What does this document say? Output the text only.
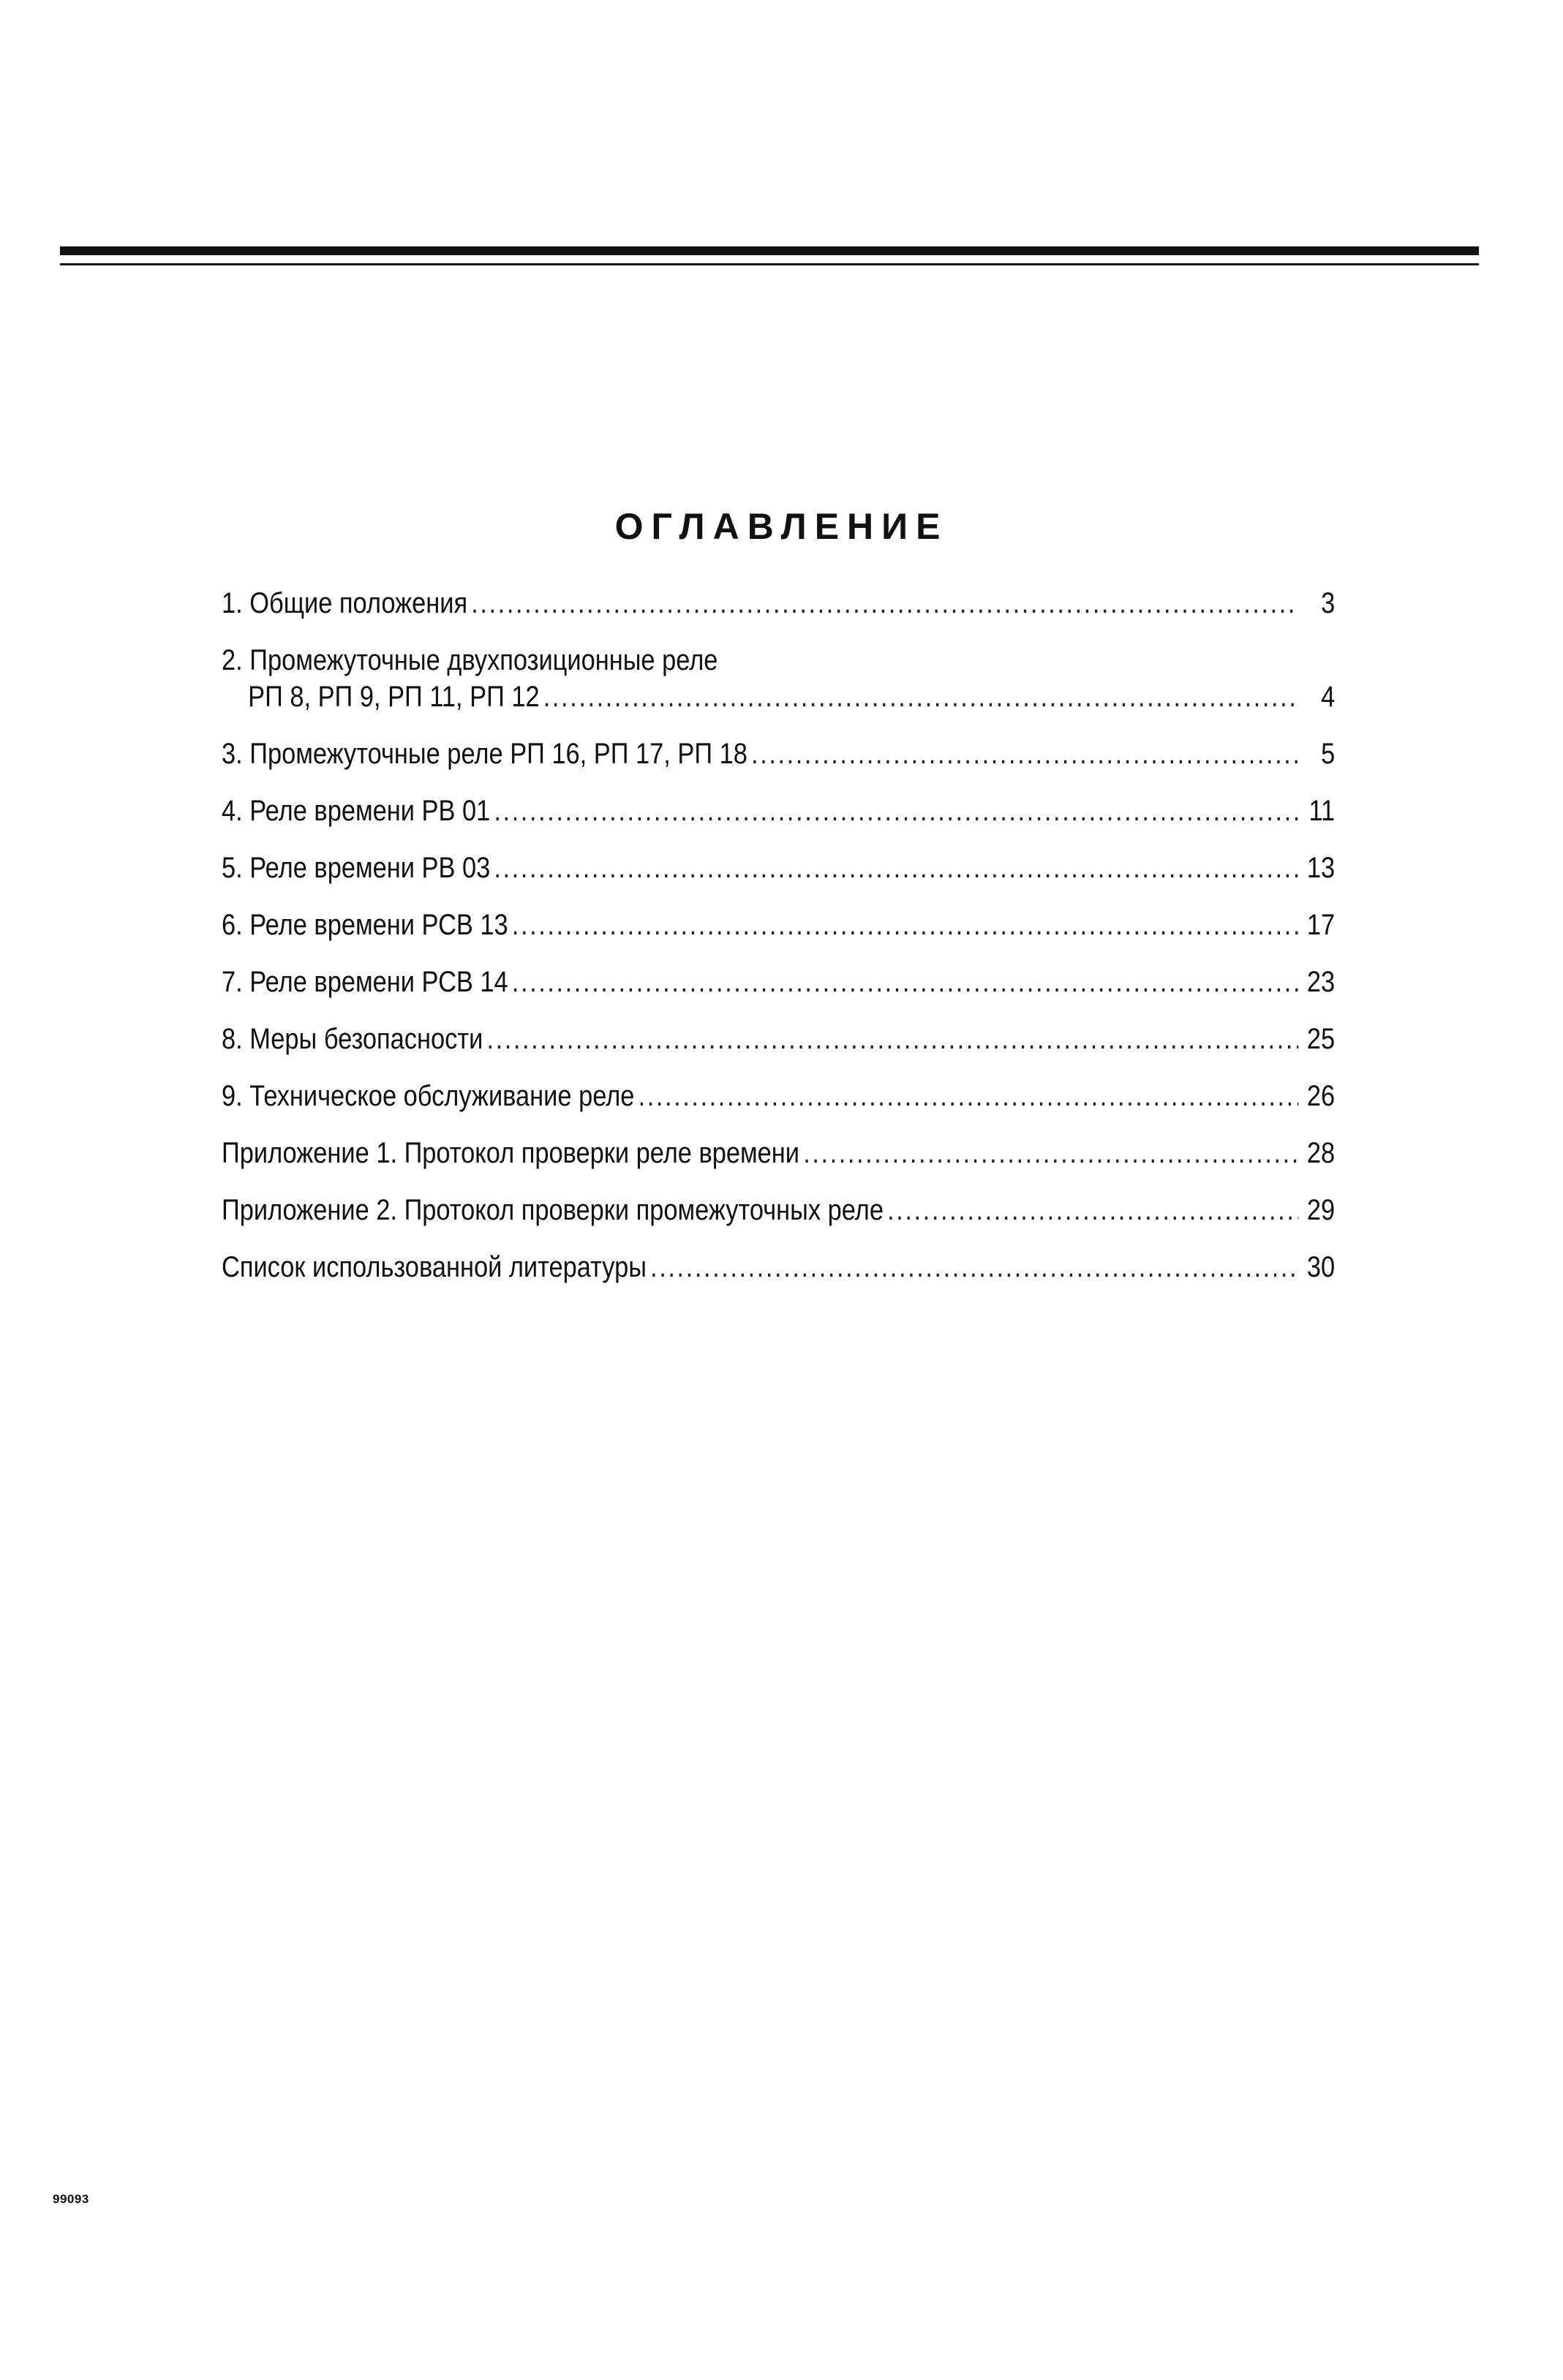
ОГЛАВЛЕНИЕ
1. Общие положения .....	3
2. Промежуточные двухпозиционные реле
РП 8, РП 9, РП 11, РП 12 .....	4
3. Промежуточные реле РП 16, РП 17, РП 18 .....	5
4. Реле времени РВ 01 .....	11
5. Реле времени РВ 03 .....	13
6. Реле времени РСВ 13 .....	17
7. Реле времени РСВ 14 .....	23
8. Меры безопасности .....	25
9. Техническое обслуживание реле .....	26
Приложение 1. Протокол проверки реле времени .....	28
Приложение 2. Протокол проверки промежуточных реле .....	29
Список использованной литературы .....	30
99093
